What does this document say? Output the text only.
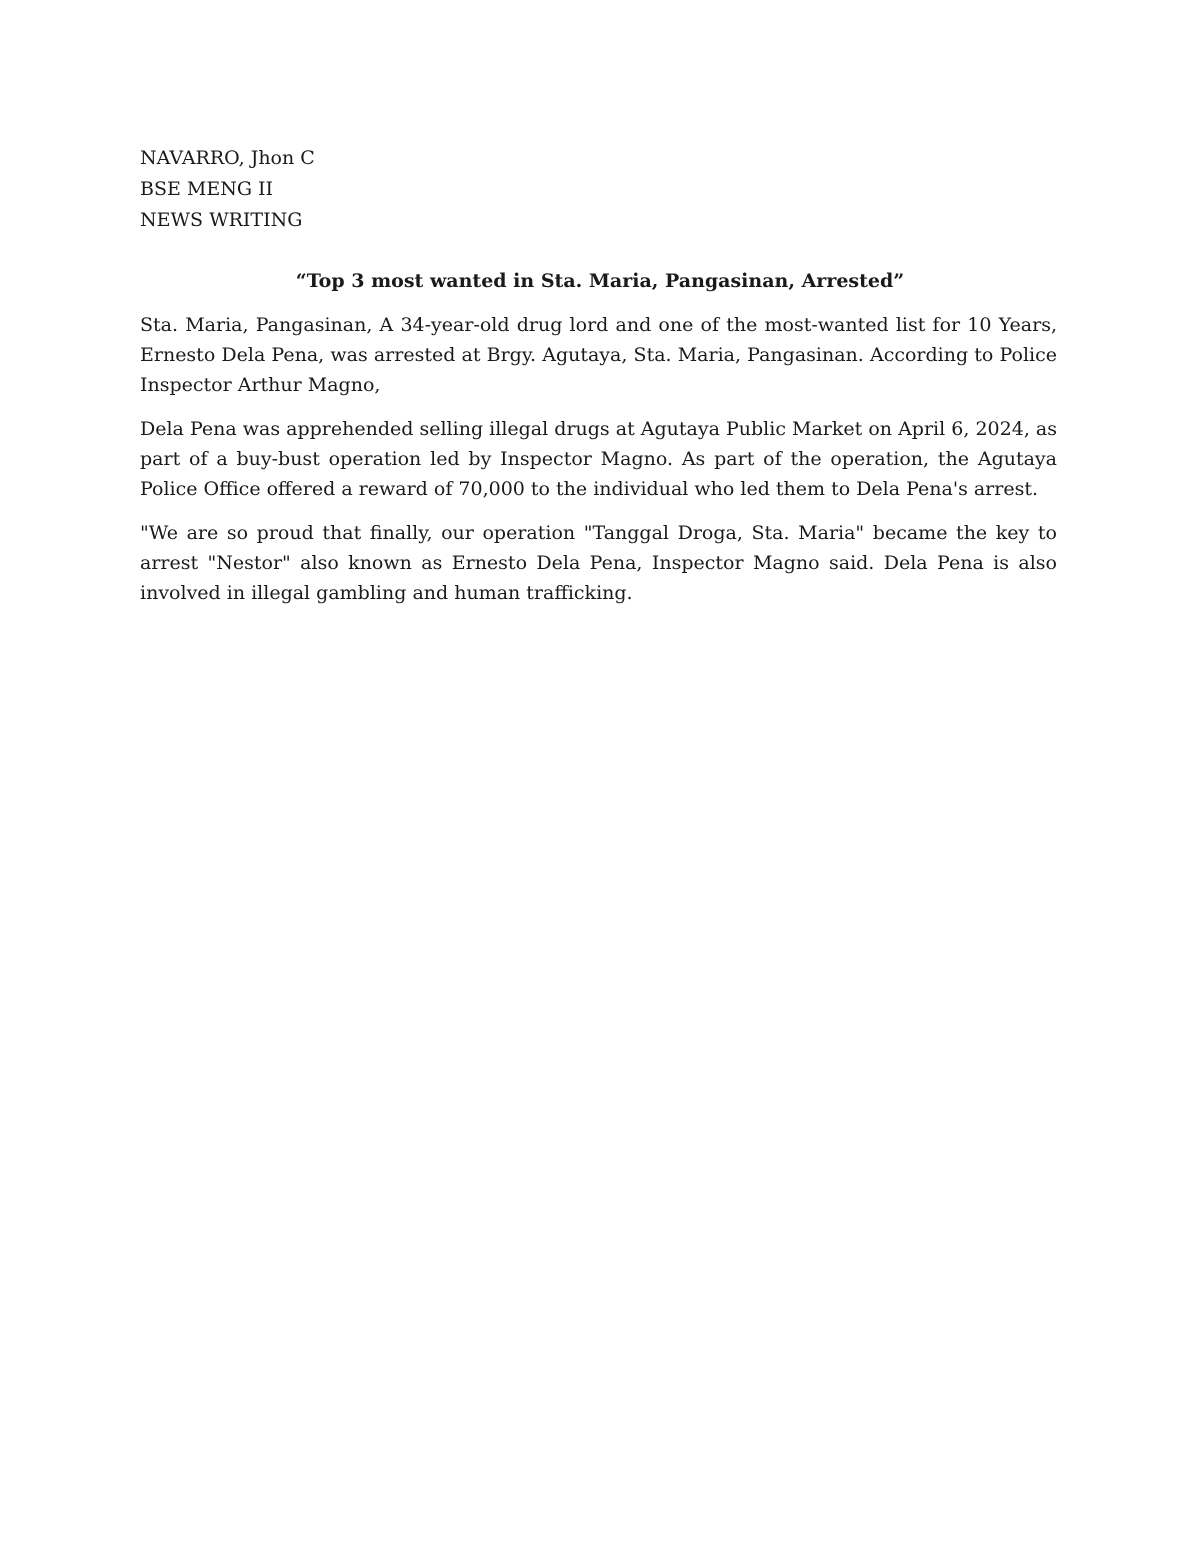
NAVARRO, Jhon C
BSE MENG II
NEWS WRITING
“Top 3 most wanted in Sta. Maria, Pangasinan, Arrested”

Sta. Maria, Pangasinan, A 34-year-old drug lord and one of the most-wanted list for 10 Years, Ernesto Dela Pena, was arrested at Brgy. Agutaya, Sta. Maria, Pangasinan. According to Police Inspector Arthur Magno,

Dela Pena was apprehended selling illegal drugs at Agutaya Public Market on April 6, 2024, as part of a buy-bust operation led by Inspector Magno. As part of the operation, the Agutaya Police Office offered a reward of 70,000 to the individual who led them to Dela Pena's arrest.

"We are so proud that finally, our operation "Tanggal Droga, Sta. Maria" became the key to arrest "Nestor" also known as Ernesto Dela Pena, Inspector Magno said. Dela Pena is also involved in illegal gambling and human trafficking.
